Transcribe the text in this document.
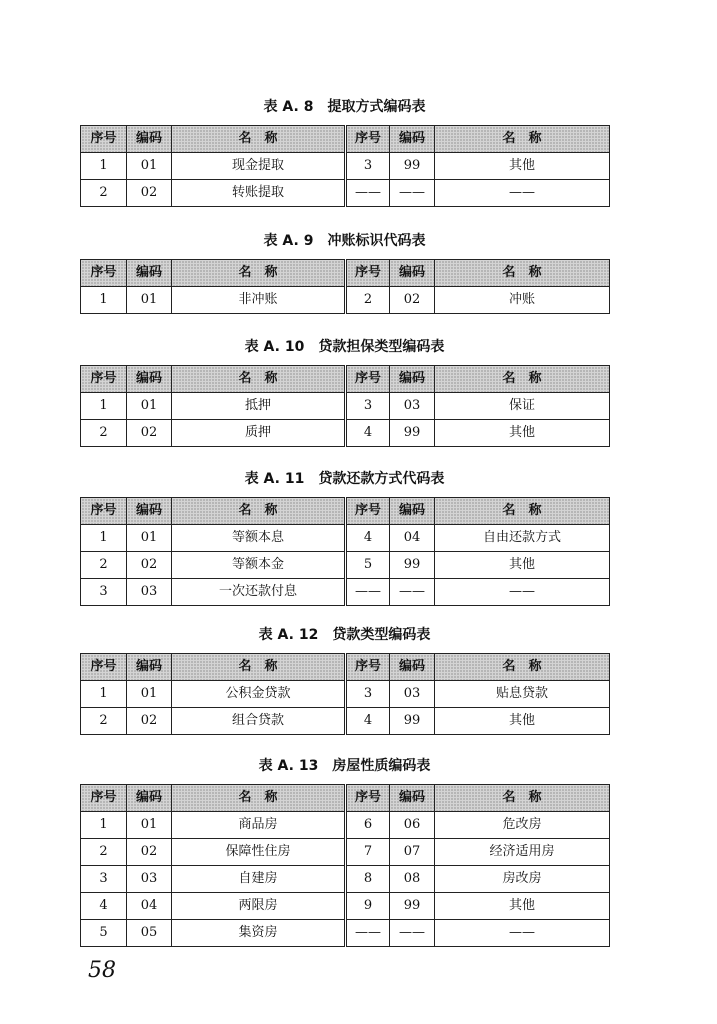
表 A. 8 提取方式编码表
序号	编码	名　称	序号	编码	名　称
1	01	现金提取	3	99	其他
2	02	转账提取	——	——	——
表 A. 9 冲账标识代码表
序号	编码	名　称	序号	编码	名　称
1	01	非冲账	2	02	冲账
表 A. 10 贷款担保类型编码表
序号	编码	名　称	序号	编码	名　称
1	01	抵押	3	03	保证
2	02	质押	4	99	其他
表 A. 11 贷款还款方式代码表
序号	编码	名　称	序号	编码	名　称
1	01	等额本息	4	04	自由还款方式
2	02	等额本金	5	99	其他
3	03	一次还款付息	——	——	——
表 A. 12 贷款类型编码表
序号	编码	名　称	序号	编码	名　称
1	01	公积金贷款	3	03	贴息贷款
2	02	组合贷款	4	99	其他
表 A. 13 房屋性质编码表
序号	编码	名　称	序号	编码	名　称
1	01	商品房	6	06	危改房
2	02	保障性住房	7	07	经济适用房
3	03	自建房	8	08	房改房
4	04	两限房	9	99	其他
5	05	集资房	——	——	——
58
